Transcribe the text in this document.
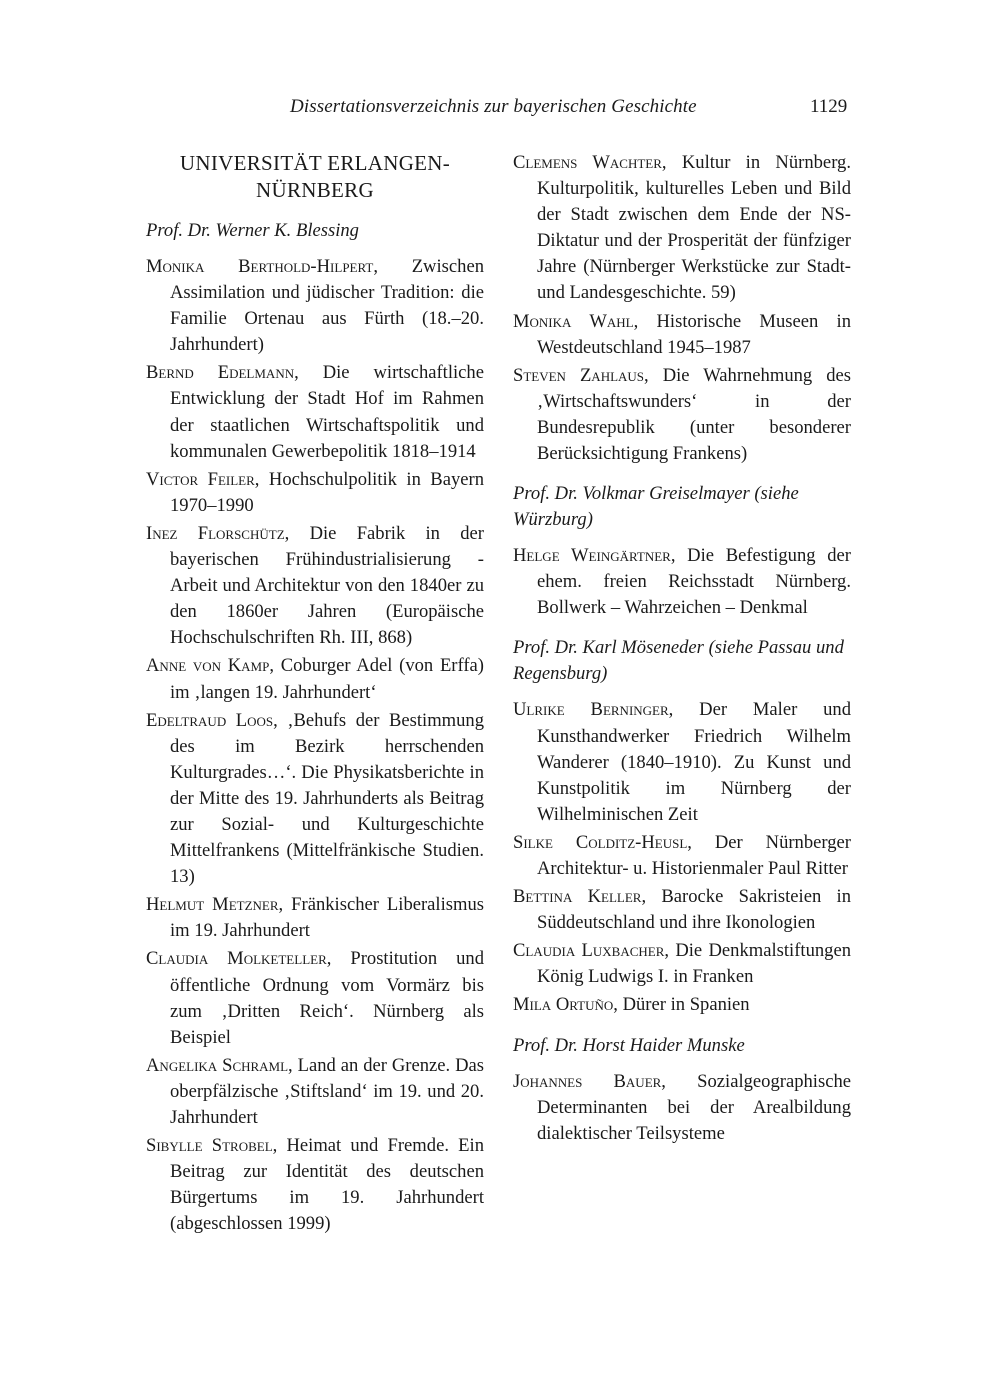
Dissertationsverzeichnis zur bayerischen Geschichte	1129
UNIVERSITÄT ERLANGEN-
NÜRNBERG
Prof. Dr. Werner K. Blessing

Monika Berthold-Hilpert, Zwischen Assimilation und jüdischer Tradition: die Familie Ortenau aus Fürth (18.–20. Jahrhundert)

Bernd Edelmann, Die wirtschaftliche Entwicklung der Stadt Hof im Rahmen der staatlichen Wirtschaftspolitik und kommunalen Gewerbepolitik 1818–1914

Victor Feiler, Hochschulpolitik in Bayern 1970–1990

Inez Florschütz, Die Fabrik in der bayerischen Frühindustrialisierung - Arbeit und Architektur von den 1840er zu den 1860er Jahren (Europäische Hochschulschriften Rh. III, 868)

Anne von Kamp, Coburger Adel (von Erffa) im ‚langen 19. Jahrhundert‘

Edeltraud Loos, ‚Behufs der Bestimmung des im Bezirk herrschenden Kulturgrades…‘. Die Physikatsberichte in der Mitte des 19. Jahrhunderts als Beitrag zur Sozial- und Kulturgeschichte Mittelfrankens (Mittelfränkische Studien. 13)

Helmut Metzner, Fränkischer Liberalismus im 19. Jahrhundert

Claudia Molketeller, Prostitution und öffentliche Ordnung vom Vormärz bis zum ‚Dritten Reich‘. Nürnberg als Beispiel

Angelika Schraml, Land an der Grenze. Das oberpfälzische ‚Stiftsland‘ im 19. und 20. Jahrhundert

Sibylle Strobel, Heimat und Fremde. Ein Beitrag zur Identität des deutschen Bürgertums im 19. Jahrhundert (abgeschlossen 1999)

Clemens Wachter, Kultur in Nürnberg. Kulturpolitik, kulturelles Leben und Bild der Stadt zwischen dem Ende der NS-Diktatur und der Prosperität der fünfziger Jahre (Nürnberger Werkstücke zur Stadt- und Landesgeschichte. 59)

Monika Wahl, Historische Museen in Westdeutschland 1945–1987

Steven Zahlaus, Die Wahrnehmung des ‚Wirtschaftswunders‘ in der Bundesrepublik (unter besonderer Berücksichtigung Frankens)

Prof. Dr. Volkmar Greiselmayer (siehe Würzburg)

Helge Weingärtner, Die Befestigung der ehem. freien Reichsstadt Nürnberg. Bollwerk – Wahrzeichen – Denkmal

Prof. Dr. Karl Möseneder (siehe Passau und Regensburg)

Ulrike Berninger, Der Maler und Kunsthandwerker Friedrich Wilhelm Wanderer (1840–1910). Zu Kunst und Kunstpolitik im Nürnberg der Wilhelminischen Zeit

Silke Colditz-Heusl, Der Nürnberger Architektur- u. Historienmaler Paul Ritter

Bettina Keller, Barocke Sakristeien in Süddeutschland und ihre Ikonologien

Claudia Luxbacher, Die Denkmalstiftungen König Ludwigs I. in Franken

Mila Ortuño, Dürer in Spanien

Prof. Dr. Horst Haider Munske

Johannes Bauer, Sozialgeographische Determinanten bei der Arealbildung dialektischer Teilsysteme
